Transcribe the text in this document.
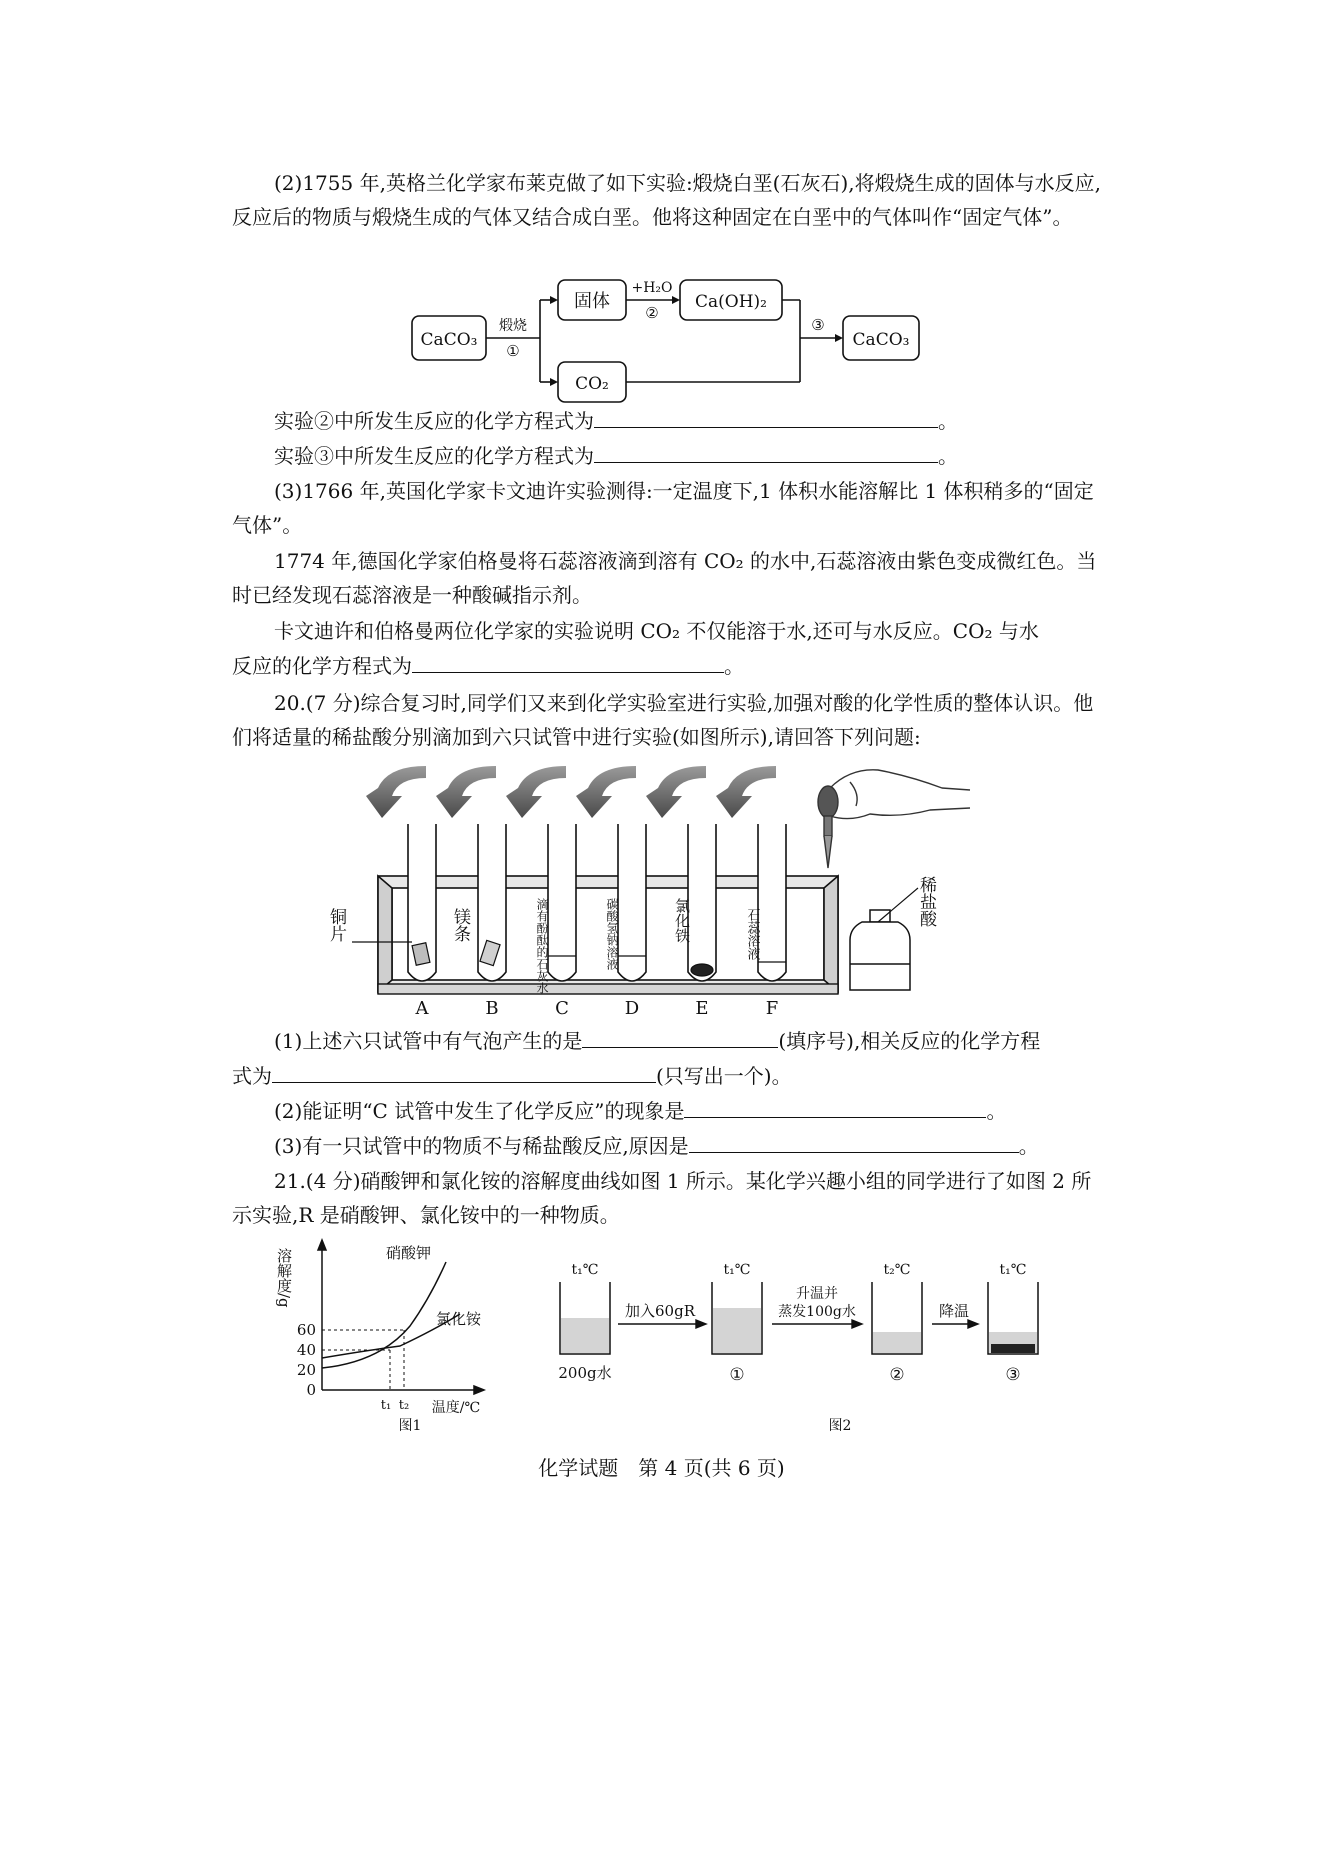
(2)1755 年,英格兰化学家布莱克做了如下实验:煅烧白垩(石灰石),将煅烧生成的固体与水反应,反应后的物质与煅烧生成的气体又结合成白垩。他将这种固定在白垩中的气体叫作“固定气体”。
CaCO₃
煅烧
①
固体
+H₂O
②
Ca(OH)₂
CO₂
③
CaCO₃
实验②中所发生反应的化学方程式为	。
实验③中所发生反应的化学方程式为	。
(3)1766 年,英国化学家卡文迪许实验测得:一定温度下,1 体积水能溶解比 1 体积稍多的“固定气体”。
1774 年,德国化学家伯格曼将石蕊溶液滴到溶有 CO₂ 的水中,石蕊溶液由紫色变成微红色。当时已经发现石蕊溶液是一种酸碱指示剂。
卡文迪许和伯格曼两位化学家的实验说明 CO₂ 不仅能溶于水,还可与水反应。CO₂ 与水
反应的化学方程式为	。
20.(7 分)综合复习时,同学们又来到化学实验室进行实验,加强对酸的化学性质的整体认识。他们将适量的稀盐酸分别滴加到六只试管中进行实验(如图所示),请回答下列问题:
铜片	镁条	滴有酚酞的石灰水	碳酸氢钠溶液	氯化铁	石蕊溶液
稀盐酸
A	B	C	D	E	F
(1)上述六只试管中有气泡产生的是	(填序号),相关反应的化学方程
式为	(只写出一个)。
(2)能证明“C 试管中发生了化学反应”的现象是	。
(3)有一只试管中的物质不与稀盐酸反应,原因是	。
21.(4 分)硝酸钾和氯化铵的溶解度曲线如图 1 所示。某化学兴趣小组的同学进行了如图 2 所示实验,R 是硝酸钾、氯化铵中的一种物质。
溶解度/g
60
40
20
0
t₁ t₂ 温度/℃
硝酸钾
氯化铵
图1
t₁℃	t₁℃	t₂℃	t₁℃
200g水
加入60gR
升温并
蒸发100g水	降温
①	②	③
图2
化学试题　第 4 页(共 6 页)
